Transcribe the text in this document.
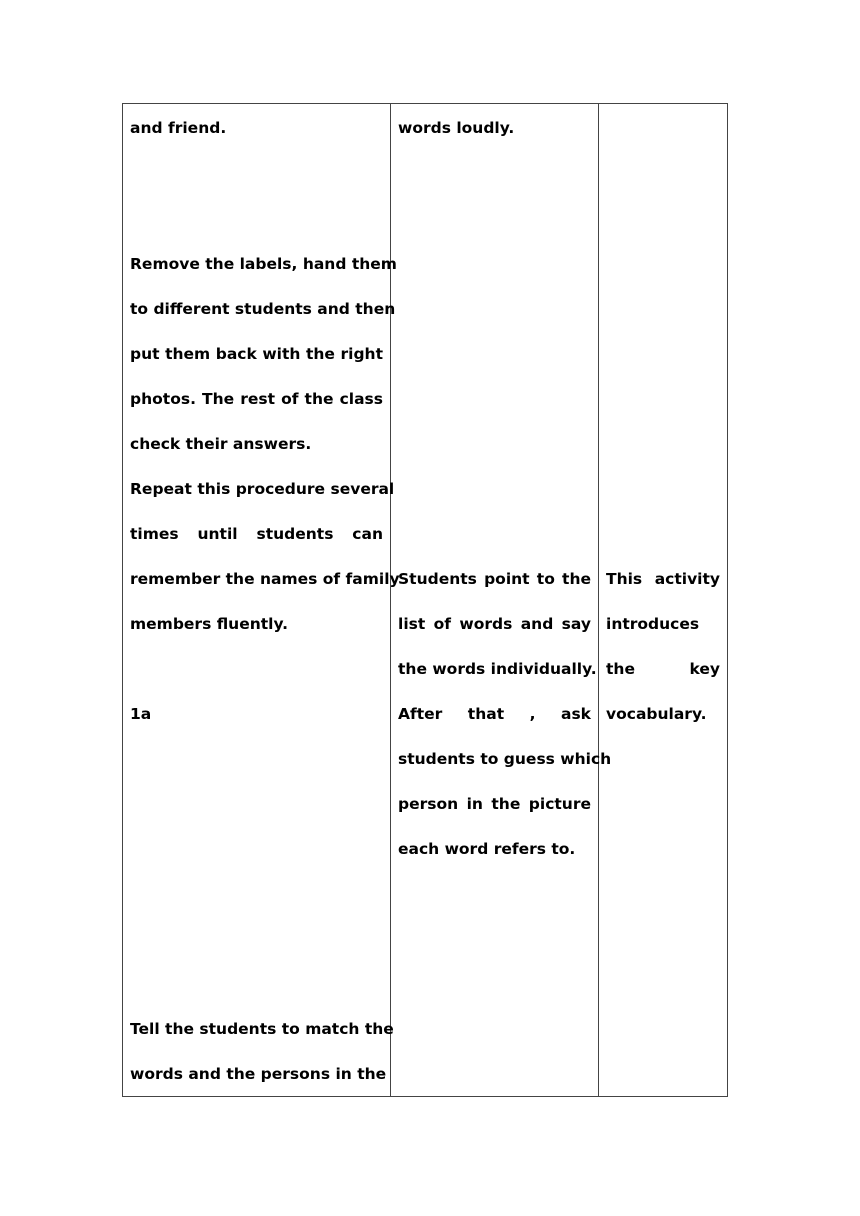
and friend.
Remove the labels, hand them
to different students and then
put them back with the right
photos. The rest of the class
check their answers.
Repeat this procedure several
times until students can
remember the names of family
members fluently.
1a
Tell the students to match the
words and the persons in the
words loudly.
Students point to the
list of words and say
the words individually.
After that , ask
students to guess which
person in the picture
each word refers to.
This activity
introduces
the key
vocabulary.
